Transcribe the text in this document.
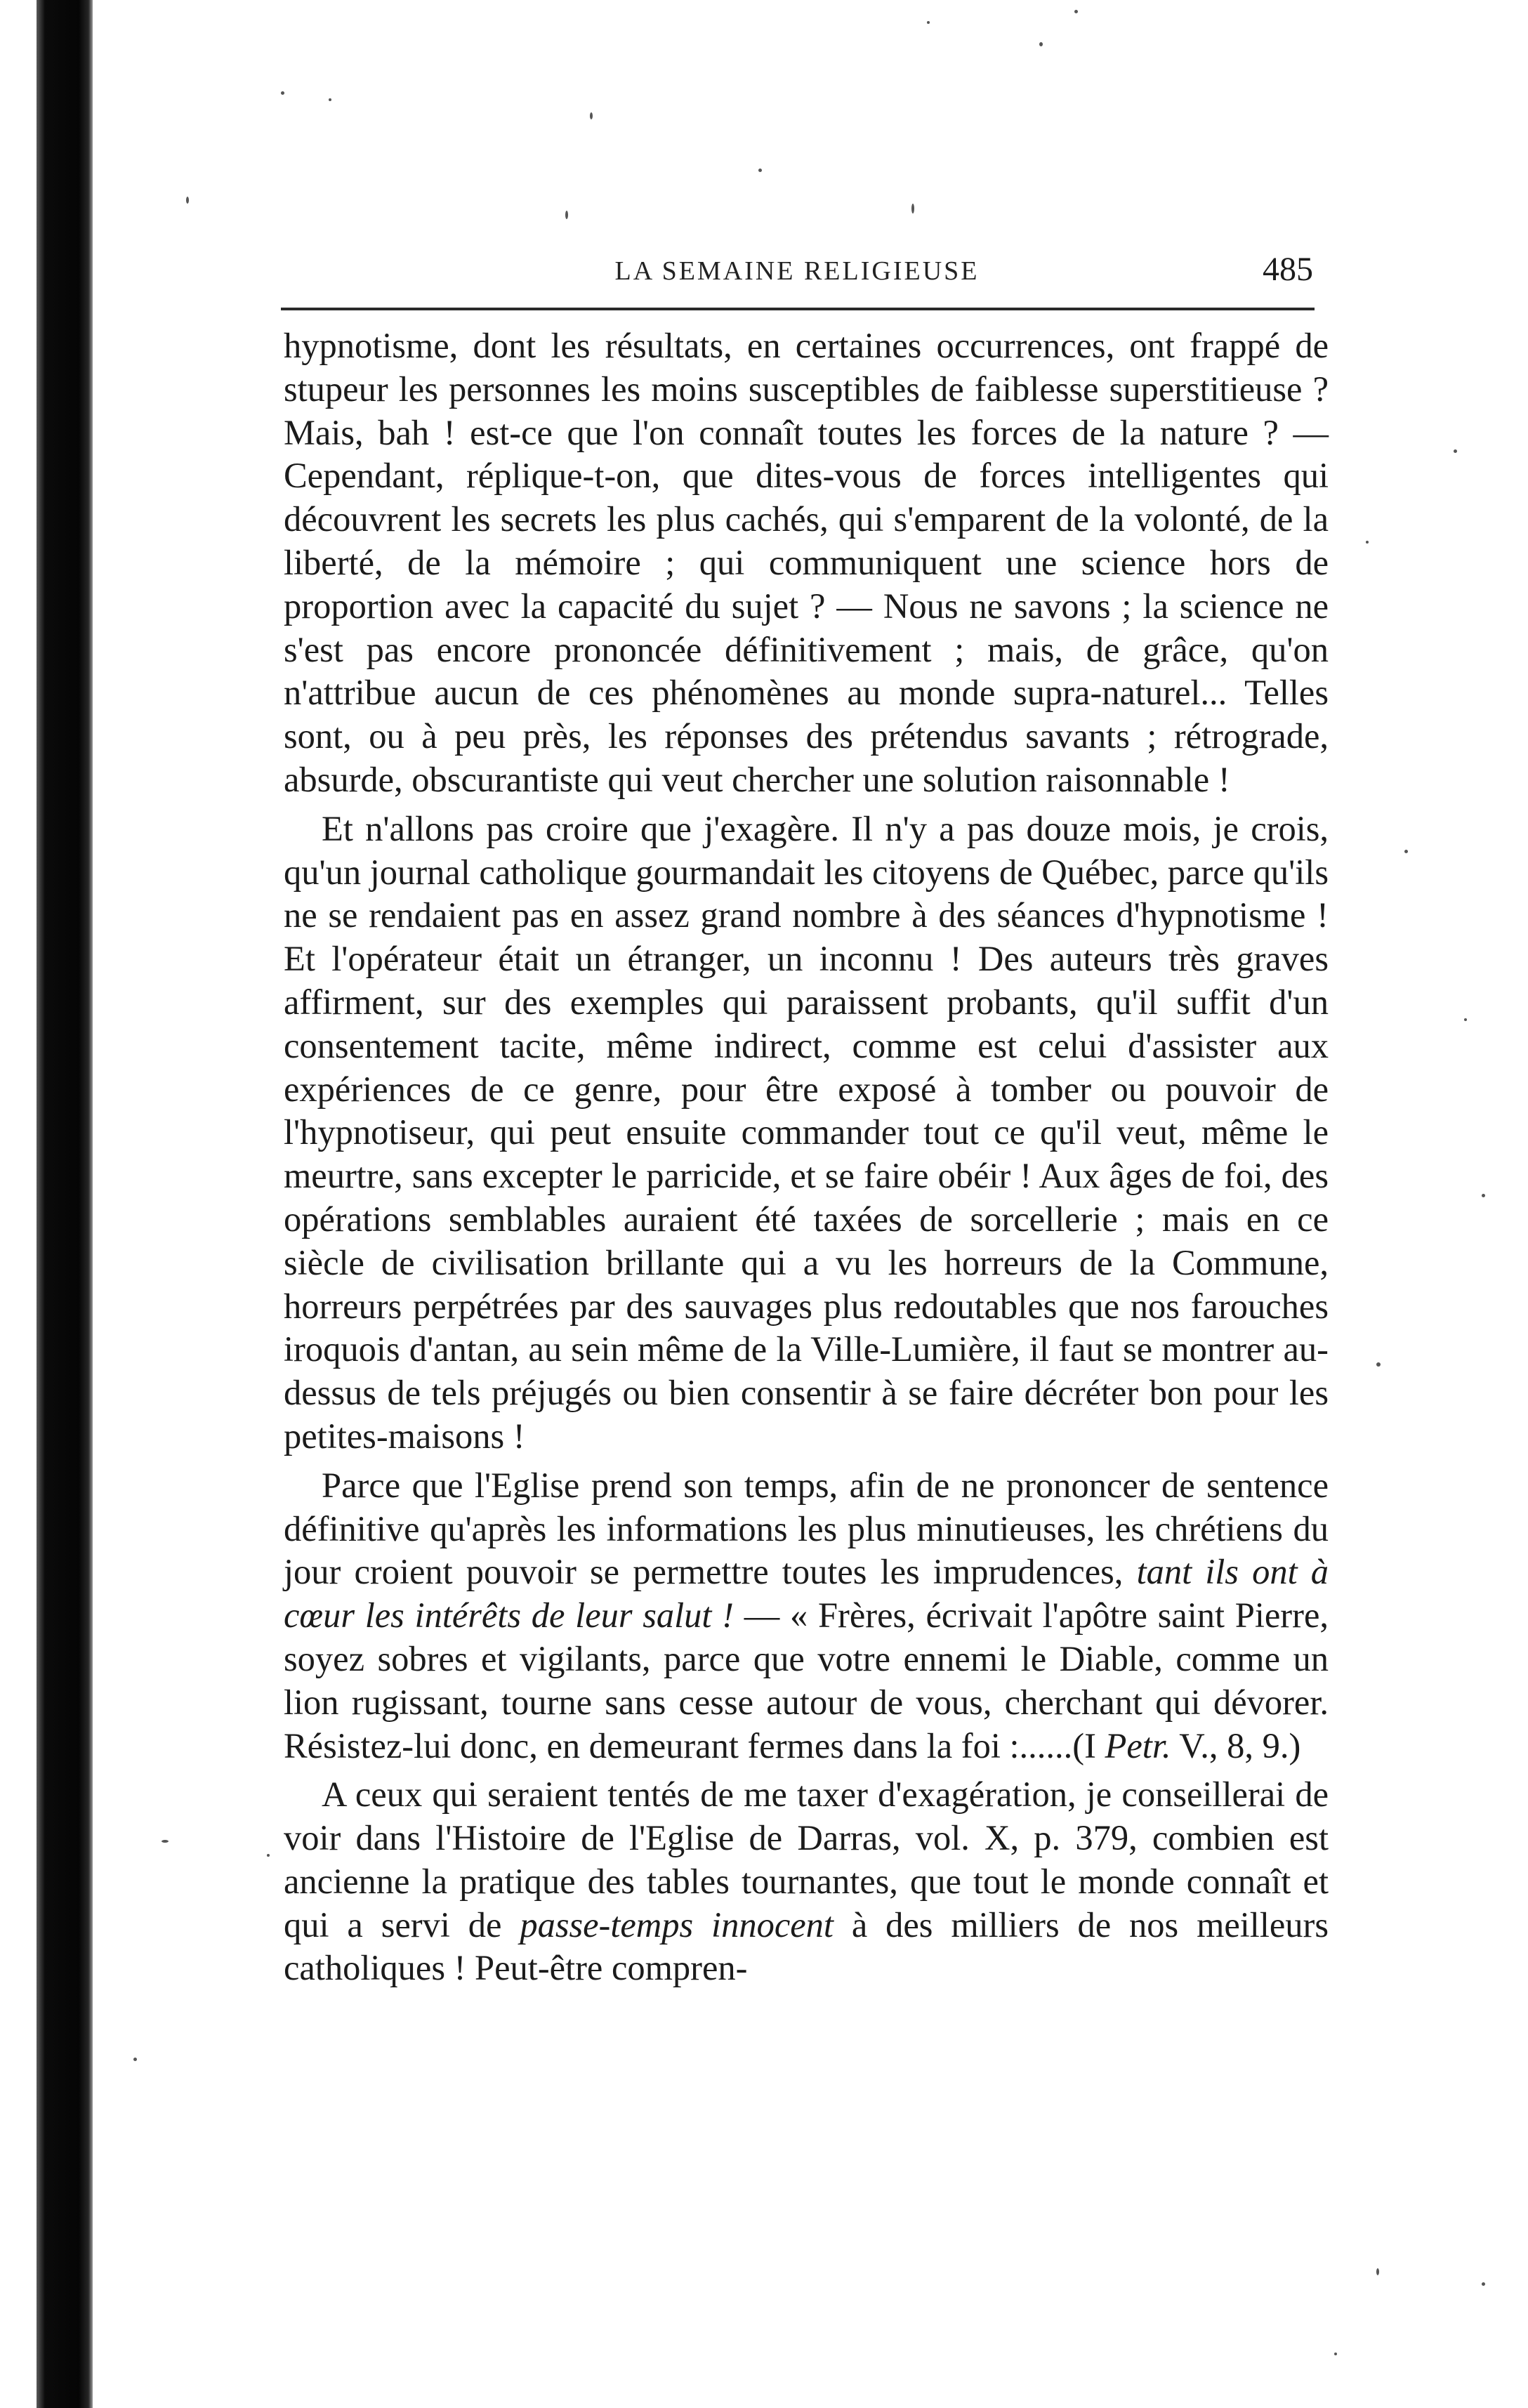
LA SEMAINE RELIGIEUSE	485

hypnotisme, dont les résultats, en certaines occurrences, ont frappé de stupeur les personnes les moins susceptibles de faiblesse superstitieuse ? Mais, bah ! est-ce que l'on connaît toutes les forces de la nature ? — Cependant, réplique-t-on, que dites-vous de forces intelligentes qui découvrent les secrets les plus cachés, qui s'emparent de la volonté, de la liberté, de la mémoire ; qui communiquent une science hors de proportion avec la capacité du sujet ? — Nous ne savons ; la science ne s'est pas encore prononcée définitivement ; mais, de grâce, qu'on n'attribue aucun de ces phénomènes au monde supra-naturel... Telles sont, ou à peu près, les réponses des prétendus savants ; rétrograde, absurde, obscurantiste qui veut chercher une solution raisonnable !

Et n'allons pas croire que j'exagère. Il n'y a pas douze mois, je crois, qu'un journal catholique gourmandait les citoyens de Québec, parce qu'ils ne se rendaient pas en assez grand nombre à des séances d'hypnotisme ! Et l'opérateur était un étranger, un inconnu ! Des auteurs très graves affirment, sur des exemples qui paraissent probants, qu'il suffit d'un consentement tacite, même indirect, comme est celui d'assister aux expériences de ce genre, pour être exposé à tomber ou pouvoir de l'hypnotiseur, qui peut ensuite commander tout ce qu'il veut, même le meurtre, sans excepter le parricide, et se faire obéir ! Aux âges de foi, des opérations semblables auraient été taxées de sorcellerie ; mais en ce siècle de civilisation brillante qui a vu les horreurs de la Commune, horreurs perpétrées par des sauvages plus redoutables que nos farouches iroquois d'antan, au sein même de la Ville-Lumière, il faut se montrer au-dessus de tels préjugés ou bien consentir à se faire décréter bon pour les petites-maisons !

Parce que l'Eglise prend son temps, afin de ne prononcer de sentence définitive qu'après les informations les plus minutieuses, les chrétiens du jour croient pouvoir se permettre toutes les imprudences, tant ils ont à cœur les intérêts de leur salut ! — « Frères, écrivait l'apôtre saint Pierre, soyez sobres et vigilants, parce que votre ennemi le Diable, comme un lion rugissant, tourne sans cesse autour de vous, cherchant qui dévorer. Résistez-lui donc, en demeurant fermes dans la foi :......(I Petr. V., 8, 9.)

A ceux qui seraient tentés de me taxer d'exagération, je conseillerai de voir dans l'Histoire de l'Eglise de Darras, vol. X, p. 379, combien est ancienne la pratique des tables tournantes, que tout le monde connaît et qui a servi de passe-temps innocent à des milliers de nos meilleurs catholiques ! Peut-être compren-
